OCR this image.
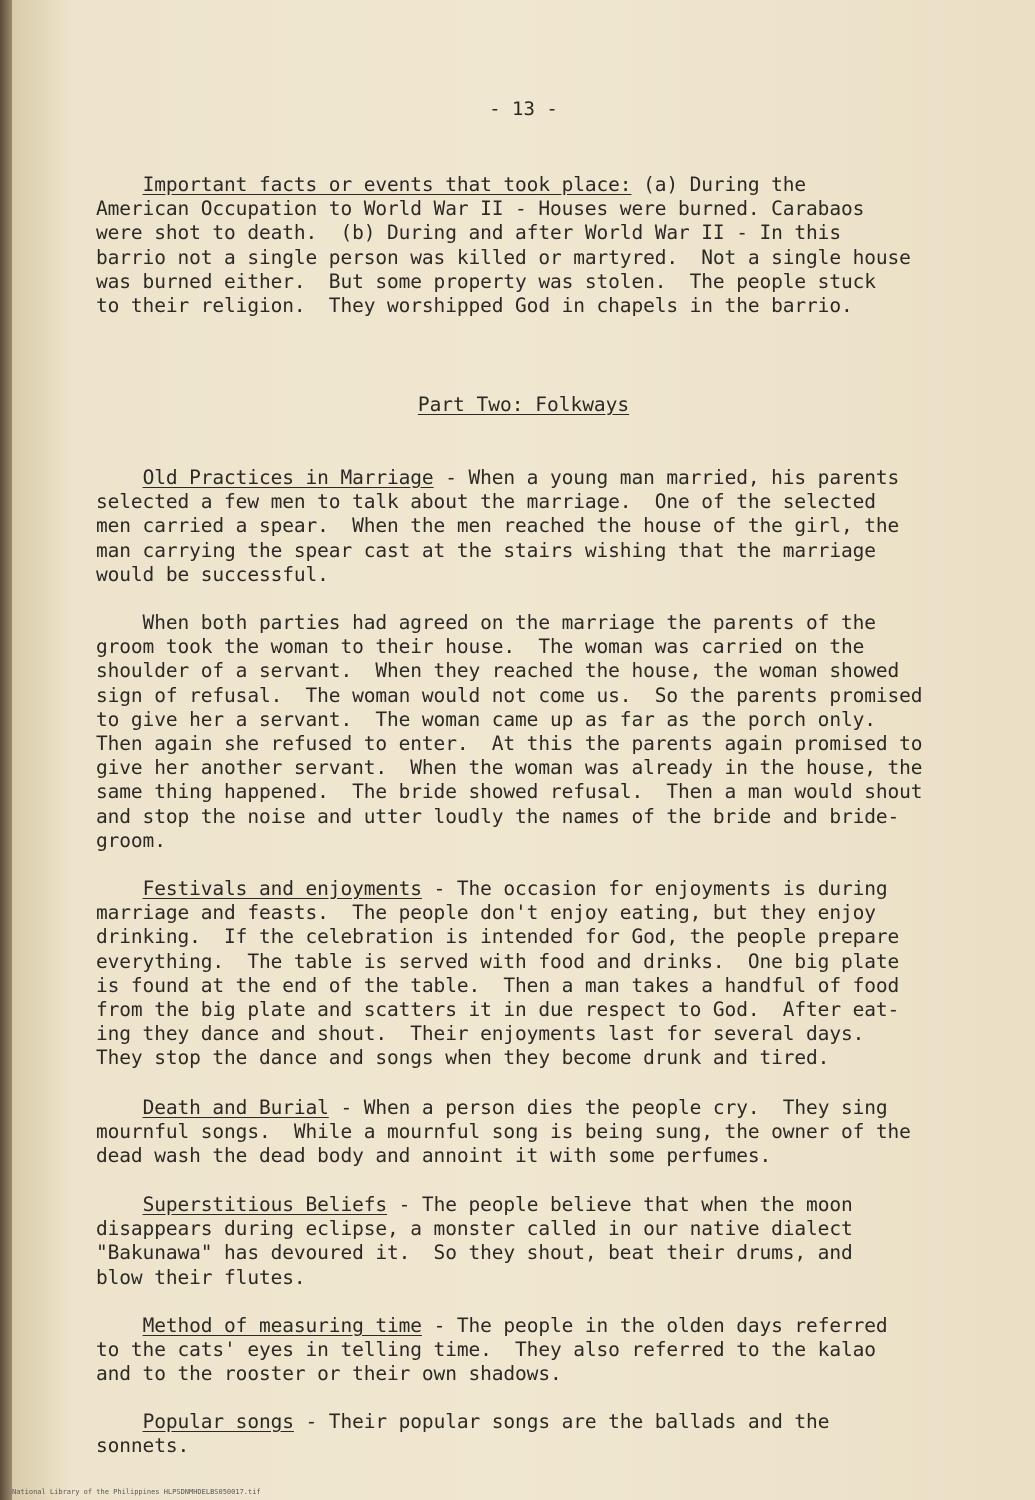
- 13 -
Important facts or events that took place: (a) During the
American Occupation to World War II - Houses were burned. Carabaos
were shot to death.  (b) During and after World War II - In this
barrio not a single person was killed or martyred.  Not a single house
was burned either.  But some property was stolen.  The people stuck
to their religion.  They worshipped God in chapels in the barrio.
Part Two: Folkways
Old Practices in Marriage - When a young man married, his parents
selected a few men to talk about the marriage.  One of the selected
men carried a spear.  When the men reached the house of the girl, the
man carrying the spear cast at the stairs wishing that the marriage
would be successful.
When both parties had agreed on the marriage the parents of the
groom took the woman to their house.  The woman was carried on the
shoulder of a servant.  When they reached the house, the woman showed
sign of refusal.  The woman would not come us.  So the parents promised
to give her a servant.  The woman came up as far as the porch only.
Then again she refused to enter.  At this the parents again promised to
give her another servant.  When the woman was already in the house, the
same thing happened.  The bride showed refusal.  Then a man would shout
and stop the noise and utter loudly the names of the bride and bride-
groom.
Festivals and enjoyments - The occasion for enjoyments is during
marriage and feasts.  The people don't enjoy eating, but they enjoy
drinking.  If the celebration is intended for God, the people prepare
everything.  The table is served with food and drinks.  One big plate
is found at the end of the table.  Then a man takes a handful of food
from the big plate and scatters it in due respect to God.  After eat-
ing they dance and shout.  Their enjoyments last for several days.
They stop the dance and songs when they become drunk and tired.
Death and Burial - When a person dies the people cry.  They sing
mournful songs.  While a mournful song is being sung, the owner of the
dead wash the dead body and annoint it with some perfumes.
Superstitious Beliefs - The people believe that when the moon
disappears during eclipse, a monster called in our native dialect
"Bakunawa" has devoured it.  So they shout, beat their drums, and
blow their flutes.
Method of measuring time - The people in the olden days referred
to the cats' eyes in telling time.  They also referred to the kalao
and to the rooster or their own shadows.
Popular songs - Their popular songs are the ballads and the
sonnets.
National Library of the Philippines HLPSDNMHDELBS050017.tif
